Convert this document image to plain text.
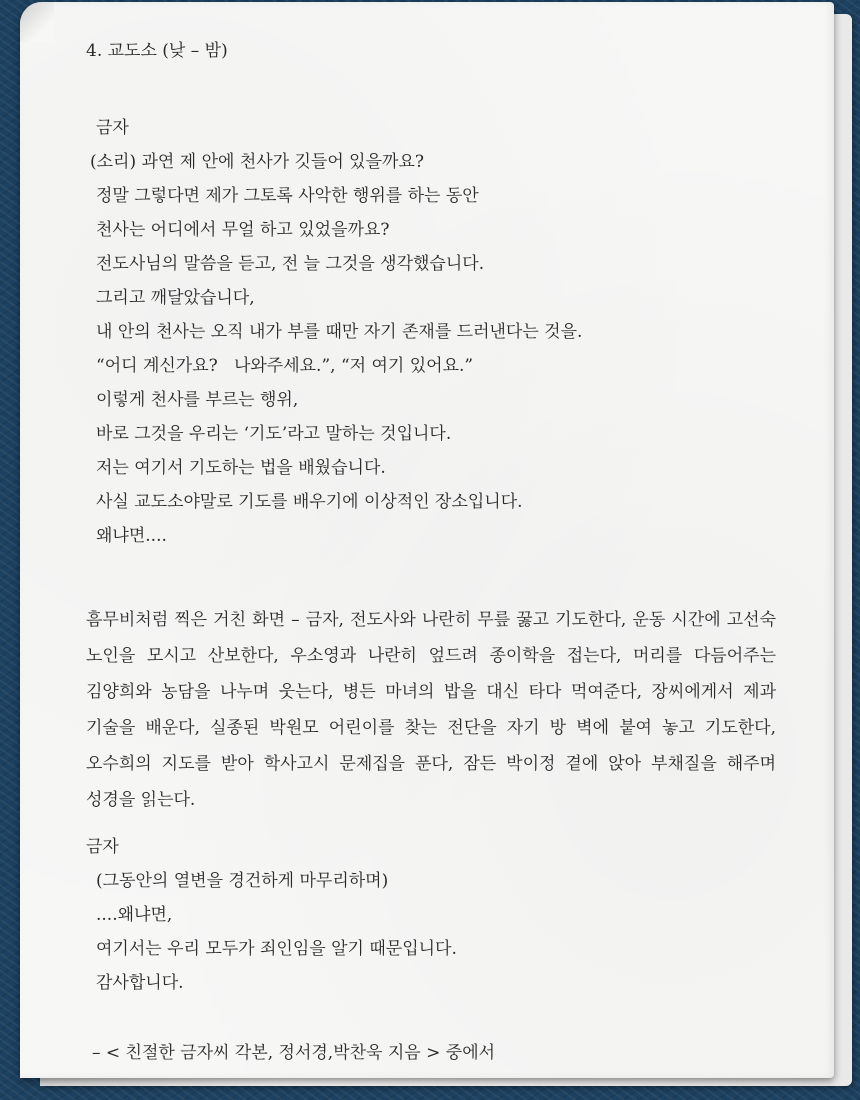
4. 교도소 (낮 – 밤)
금자
(소리) 과연 제 안에 천사가 깃들어 있을까요?
정말 그렇다면 제가 그토록 사악한 행위를 하는 동안
천사는 어디에서 무얼 하고 있었을까요?
전도사님의 말씀을 듣고, 전 늘 그것을 생각했습니다.
그리고 깨달았습니다,
내 안의 천사는 오직 내가 부를 때만 자기 존재를 드러낸다는 것을.
“어디 계신가요?   나와주세요.”, “저 여기 있어요.”
이렇게 천사를 부르는 행위,
바로 그것을 우리는 ‘기도’라고 말하는 것입니다.
저는 여기서 기도하는 법을 배웠습니다.
사실 교도소야말로 기도를 배우기에 이상적인 장소입니다.
왜냐면....
흠무비처럼 찍은 거친 화면 – 금자, 전도사와 나란히 무릎 꿇고 기도한다, 운동 시간에 고선숙 노인을 모시고 산보한다, 우소영과 나란히 엎드려 종이학을 접는다, 머리를 다듬어주는 김양희와 농담을 나누며 웃는다, 병든 마녀의 밥을 대신 타다 먹여준다, 장씨에게서 제과 기술을 배운다, 실종된 박원모 어린이를 찾는 전단을 자기 방 벽에 붙여 놓고 기도한다, 오수희의 지도를 받아 학사고시 문제집을 푼다, 잠든 박이정 곁에 앉아 부채질을 해주며 성경을 읽는다.
금자
(그동안의 열변을 경건하게 마무리하며)
....왜냐면,
여기서는 우리 모두가 죄인임을 알기 때문입니다.
감사합니다.
– < 친절한 금자씨 각본, 정서경,박찬욱 지음 > 중에서
